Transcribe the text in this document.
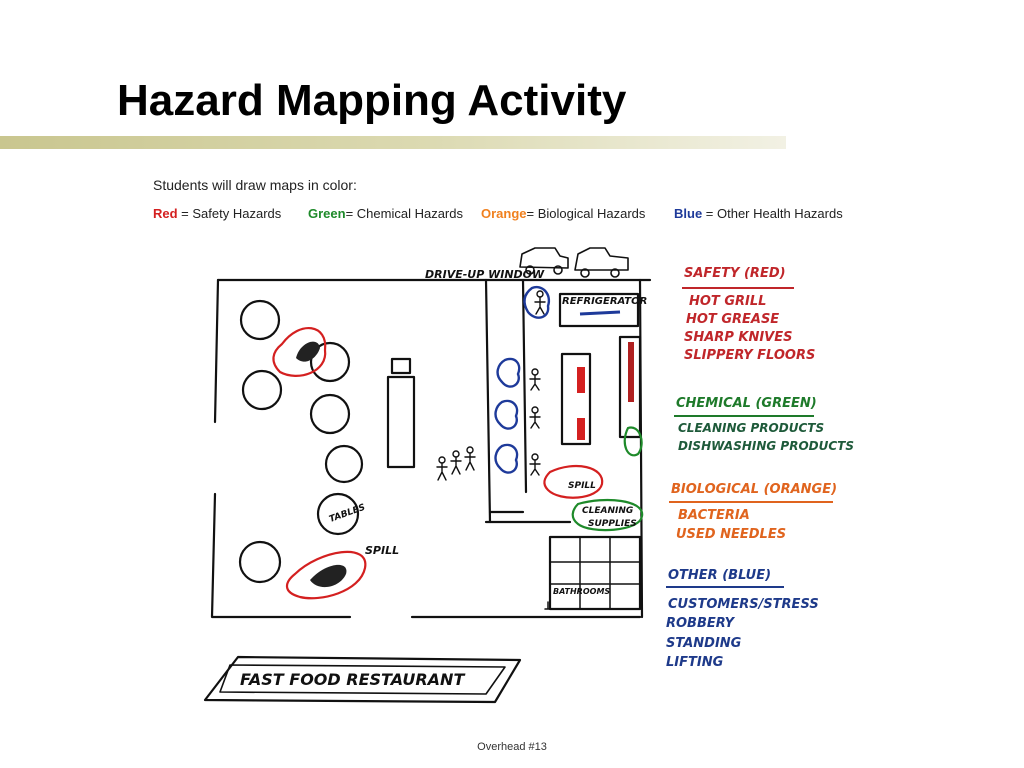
Hazard Mapping Activity
Students will draw maps in color:
Red = Safety Hazards Green= Chemical Hazards Orange= Biological Hazards Blue = Other Health Hazards
DRIVE-UP WINDOW
REFRIGERATOR
TABLES
SPILL
SPILL
CLEANING
SUPPLIES
BATHROOMS
FAST FOOD RESTAURANT
SAFETY (RED)
HOT GRILL
HOT GREASE
SHARP KNIVES
SLIPPERY FLOORS
CHEMICAL (GREEN)
CLEANING PRODUCTS
DISHWASHING PRODUCTS
BIOLOGICAL (ORANGE)
BACTERIA
USED NEEDLES
OTHER (BLUE)
CUSTOMERS/STRESS
ROBBERY
STANDING
LIFTING
Overhead #13
